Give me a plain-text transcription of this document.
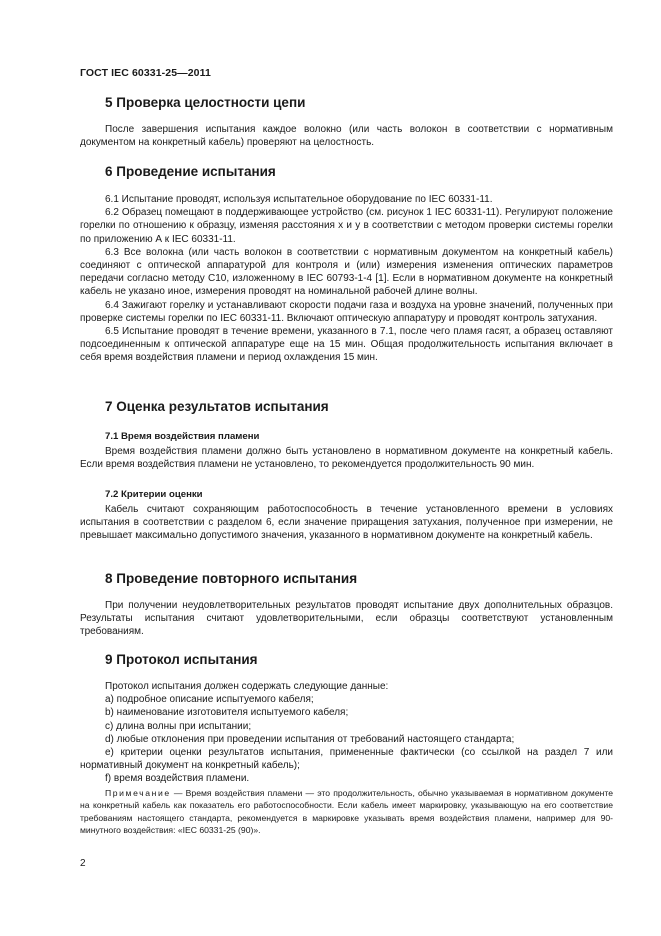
ГОСТ IEC 60331-25—2011
5 Проверка целостности цепи

После завершения испытания каждое волокно (или часть волокон в соответствии с нормативным документом на конкретный кабель) проверяют на целостность.

6 Проведение испытания

6.1 Испытание проводят, используя испытательное оборудование по IEC 60331-11.

6.2 Образец помещают в поддерживающее устройство (см. рисунок 1 IEC 60331-11). Регулируют положение горелки по отношению к образцу, изменяя расстояния x и y в соответствии с методом проверки системы горелки по приложению А к IEC 60331-11.

6.3 Все волокна (или часть волокон в соответствии с нормативным документом на конкретный кабель) соединяют с оптической аппаратурой для контроля и (или) измерения изменения оптических параметров передачи согласно методу С10, изложенному в IEC 60793-1-4 [1]. Если в нормативном документе на конкретный кабель не указано иное, измерения проводят на номинальной рабочей длине волны.

6.4 Зажигают горелку и устанавливают скорости подачи газа и воздуха на уровне значений, полученных при проверке системы горелки по IEC 60331-11. Включают оптическую аппаратуру и проводят контроль затухания.

6.5 Испытание проводят в течение времени, указанного в 7.1, после чего пламя гасят, а образец оставляют подсоединенным к оптической аппаратуре еще на 15 мин. Общая продолжительность испытания включает в себя время воздействия пламени и период охлаждения 15 мин.

7 Оценка результатов испытания
7.1 Время воздействия пламени

Время воздействия пламени должно быть установлено в нормативном документе на конкретный кабель. Если время воздействия пламени не установлено, то рекомендуется продолжительность 90 мин.

7.2 Критерии оценки

Кабель считают сохраняющим работоспособность в течение установленного времени в условиях испытания в соответствии с разделом 6, если значение приращения затухания, полученное при измерении, не превышает максимально допустимого значения, указанного в нормативном документе на конкретный кабель.

8 Проведение повторного испытания

При получении неудовлетворительных результатов проводят испытание двух дополнительных образцов. Результаты испытания считают удовлетворительными, если образцы соответствуют установленным требованиям.

9 Протокол испытания

Протокол испытания должен содержать следующие данные:

a) подробное описание испытуемого кабеля;

b) наименование изготовителя испытуемого кабеля;

c) длина волны при испытании;

d) любые отклонения при проведении испытания от требований настоящего стандарта;

e) критерии оценки результатов испытания, примененные фактически (со ссылкой на раздел 7 или нормативный документ на конкретный кабель);

f) время воздействия пламени.

Примечание — Время воздействия пламени — это продолжительность, обычно указываемая в нормативном документе на конкретный кабель как показатель его работоспособности. Если кабель имеет маркировку, указывающую на его соответствие требованиям настоящего стандарта, рекомендуется в маркировке указывать время воздействия пламени, например для 90-минутного воздействия: «IEC 60331-25 (90)».

2
